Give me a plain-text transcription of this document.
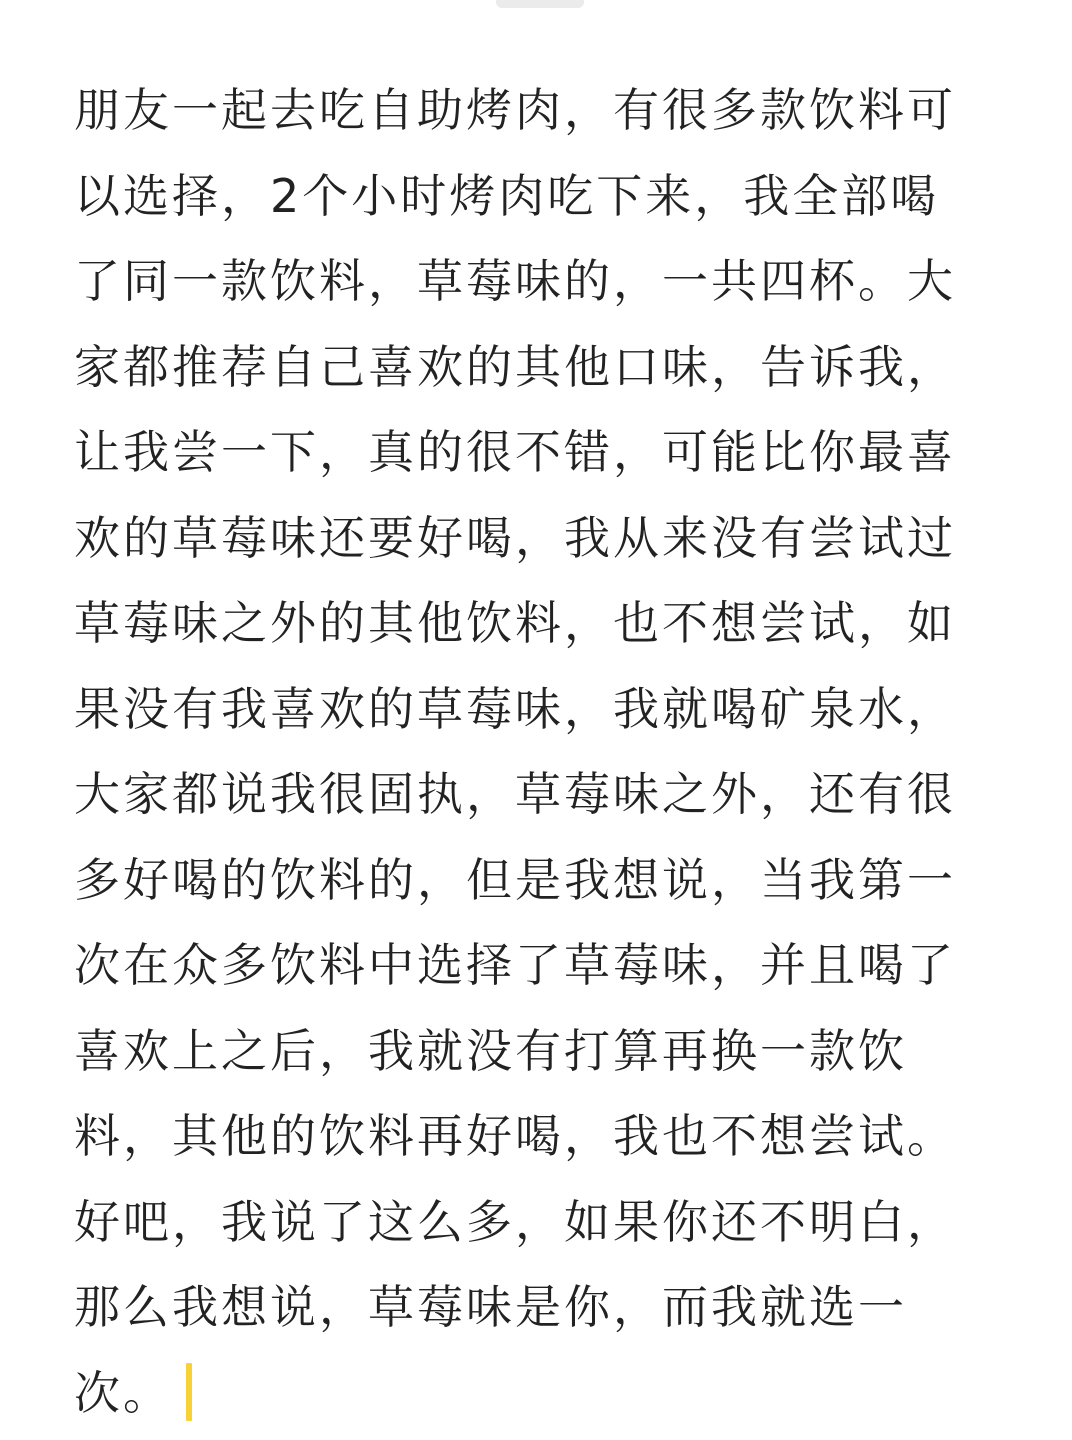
朋友一起去吃自助烤肉，有很多款饮料可
以选择，2个小时烤肉吃下来，我全部喝
了同一款饮料，草莓味的，一共四杯。大
家都推荐自己喜欢的其他口味，告诉我，
让我尝一下，真的很不错，可能比你最喜
欢的草莓味还要好喝，我从来没有尝试过
草莓味之外的其他饮料，也不想尝试，如
果没有我喜欢的草莓味，我就喝矿泉水，
大家都说我很固执，草莓味之外，还有很
多好喝的饮料的，但是我想说，当我第一
次在众多饮料中选择了草莓味，并且喝了
喜欢上之后，我就没有打算再换一款饮
料，其他的饮料再好喝，我也不想尝试。
好吧，我说了这么多，如果你还不明白，
那么我想说，草莓味是你，而我就选一
次。
